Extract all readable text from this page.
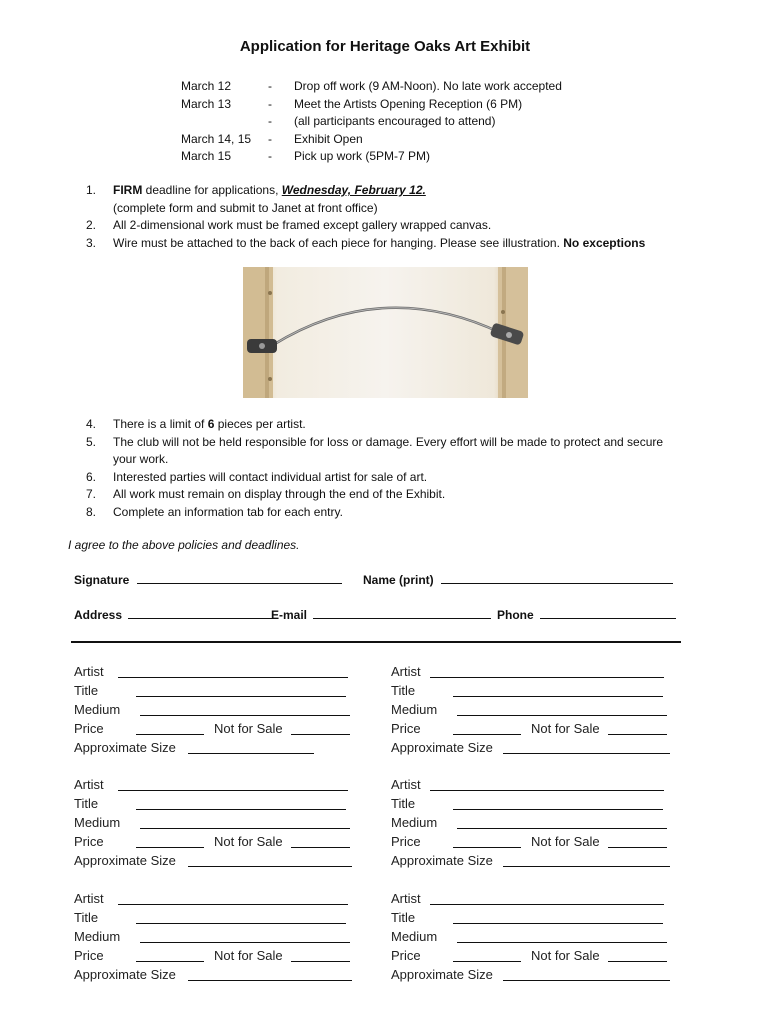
Application for Heritage Oaks Art Exhibit
March 12	-	Drop off work (9 AM-Noon). No late work accepted
March 13	-	Meet the Artists Opening Reception (6 PM)
	-	(all participants encouraged to attend)
March 14, 15	-	Exhibit Open
March 15	-	Pick up work (5PM-7 PM)
1.	FIRM deadline for applications, Wednesday, February 12.
(complete form and submit to Janet at front office)
2.	All 2-dimensional work must be framed except gallery wrapped canvas.
3.	Wire must be attached to the back of each piece for hanging. Please see illustration. No exceptions
4.	There is a limit of 6 pieces per artist.
5.	The club will not be held responsible for loss or damage. Every effort will be made to protect and secure your work.
6.	Interested parties will contact individual artist for sale of art.
7.	All work must remain on display through the end of the Exhibit.
8.	Complete an information tab for each entry.
I agree to the above policies and deadlines.
Signature	Name (print)
Address	E-mail	Phone
Artist
Title
Medium
Price	Not for Sale
Approximate Size
Artist
Title
Medium
Price	Not for Sale
Approximate Size
Artist
Title
Medium
Price	Not for Sale
Approximate Size
Artist
Title
Medium
Price	Not for Sale
Approximate Size
Artist
Title
Medium
Price	Not for Sale
Approximate Size
Artist
Title
Medium
Price	Not for Sale
Approximate Size
